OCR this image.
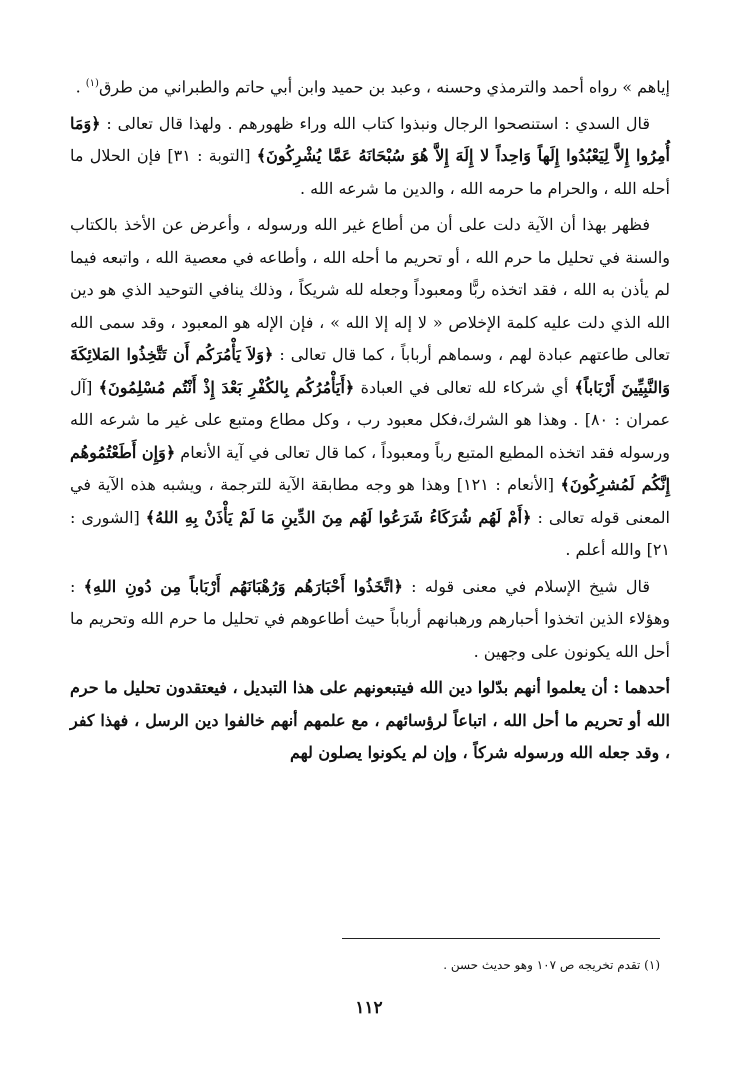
إياهم » رواه أحمد والترمذي وحسنه ، وعبد بن حميد وابن أبي حاتم والطبراني من طرق$^{(١)}$ .

قال السدي : استنصحوا الرجال ونبذوا كتاب الله وراء ظهورهم . ولهذا قال تعالى : ﴿وَمَا أُمِرُوا إِلاَّ لِيَعْبُدُوا إِلَهاً وَاحِداً لا إِلَهَ إِلاَّ هُوَ سُبْحَانَهُ عَمَّا يُشْرِكُونَ﴾ [التوبة : ٣١] فإن الحلال ما أحله الله ، والحرام ما حرمه الله ، والدين ما شرعه الله .

فظهر بهذا أن الآية دلت على أن من أطاع غير الله ورسوله ، وأعرض عن الأخذ بالكتاب والسنة في تحليل ما حرم الله ، أو تحريم ما أحله الله ، وأطاعه في معصية الله ، واتبعه فيما لم يأذن به الله ، فقد اتخذه ربًّا ومعبوداً وجعله لله شريكاً ، وذلك ينافي التوحيد الذي هو دين الله الذي دلت عليه كلمة الإخلاص « لا إله إلا الله » ، فإن الإله هو المعبود ، وقد سمى الله تعالى طاعتهم عبادة لهم ، وسماهم أرباباً ، كما قال تعالى : ﴿وَلاَ يَأْمُرَكُم أَن تَتَّخِذُوا المَلائِكَةَ وَالنَّبِيِّينَ أَرْبَاباً﴾ أي شركاء لله تعالى في العبادة ﴿أَيَأْمُرُكُم بِالكُفْرِ بَعْدَ إِذْ أَنْتُم مُسْلِمُونَ﴾ [آل عمران : ٨٠] . وهذا هو الشرك،فكل معبود رب ، وكل مطاع ومتبع على غير ما شرعه الله ورسوله فقد اتخذه المطيع المتبع رباً ومعبوداً ، كما قال تعالى في آية الأنعام ﴿وَإِن أَطَعْتُمُوهُم إِنَّكُم لَمُشرِكُونَ﴾ [الأنعام : ١٢١] وهذا هو وجه مطابقة الآية للترجمة ، ويشبه هذه الآية في المعنى قوله تعالى : ﴿أَمْ لَهُم شُرَكَاءُ شَرَعُوا لَهُم مِنَ الدِّينِ مَا لَمْ يَأْذَنْ بِهِ اللهُ﴾ [الشورى : ٢١] والله أعلم .

قال شيخ الإسلام في معنى قوله : ﴿اتَّخَذُوا أَحْبَارَهُم وَرُهْبَانَهُم أَرْبَاباً مِن دُونِ اللهِ﴾ : وهؤلاء الذين اتخذوا أحبارهم ورهبانهم أرباباً حيث أطاعوهم في تحليل ما حرم الله وتحريم ما أحل الله يكونون على وجهين .

أحدهما : أن يعلموا أنهم بدّلوا دين الله فيتبعونهم على هذا التبديل ، فيعتقدون تحليل ما حرم الله أو تحريم ما أحل الله ، اتباعاً لرؤسائهم ، مع علمهم أنهم خالفوا دين الرسل ، فهذا كفر ، وقد جعله الله ورسوله شركاً ، وإن لم يكونوا يصلون لهم

(١) تقدم تخريجه ص ١٠٧ وهو حديث حسن .
١١٢
